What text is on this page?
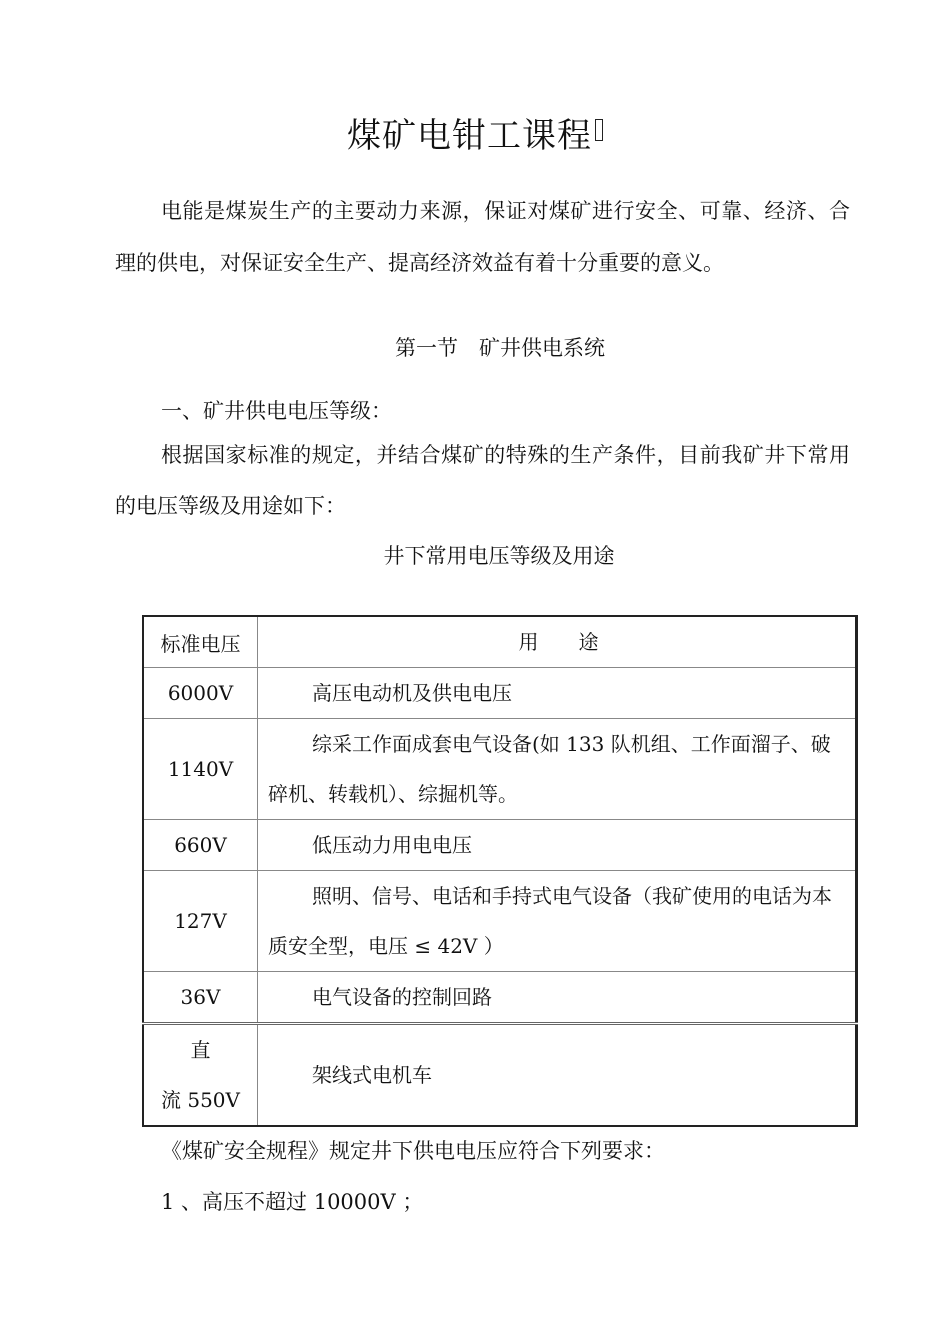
煤矿电钳工课程
电能是煤炭生产的主要动力来源，保证对煤矿进行安全、可靠、经济、合理的供电，对保证安全生产、提高经济效益有着十分重要的意义。
第一节　矿井供电系统
一、矿井供电电压等级：
根据国家标准的规定，并结合煤矿的特殊的生产条件，目前我矿井下常用的电压等级及用途如下：
井下常用电压等级及用途
标准电压	用　　途
6000V	高压电动机及供电电压
1140V	综采工作面成套电气设备(如 133 队机组、工作面溜子、破碎机、转载机）、综掘机等。
660V	低压动力用电电压
127V	照明、信号、电话和手持式电气设备（我矿使用的电话为本质安全型，电压 ≤ 42V ）
36V	电气设备的控制回路

直
流 550V	架线式电机车
《煤矿安全规程》规定井下供电电压应符合下列要求：
1 、高压不超过 10000V ；
